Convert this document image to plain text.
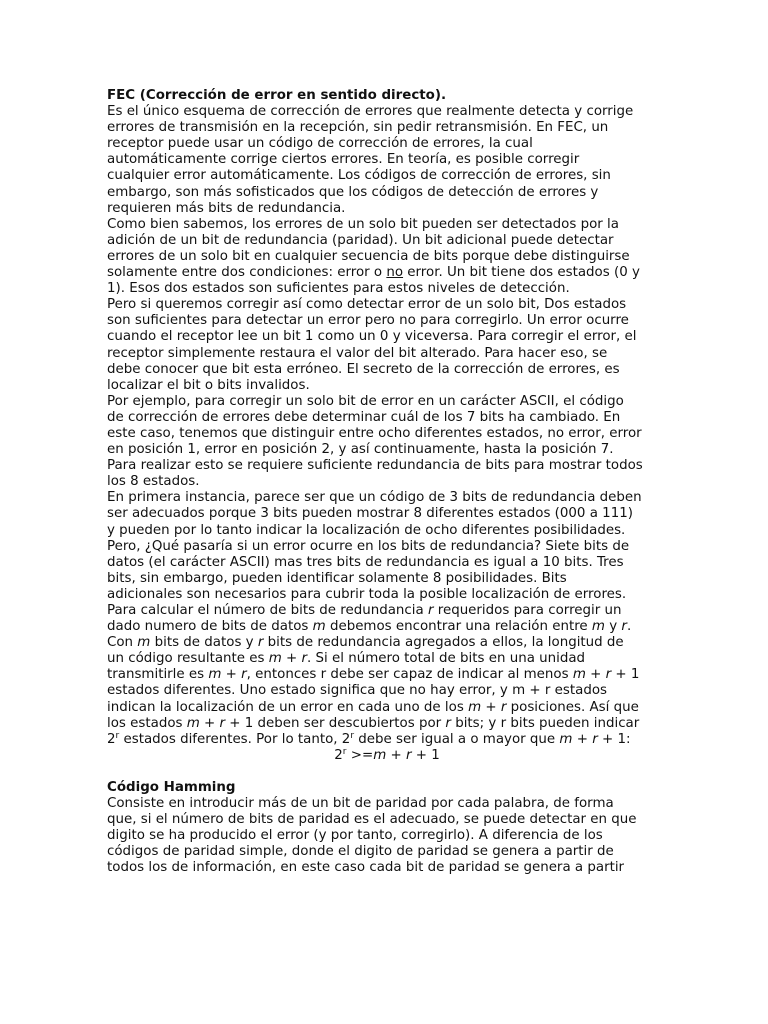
FEC (Corrección de error en sentido directo).
Es el único esquema de corrección de errores que realmente detecta y corrige
errores de transmisión en la recepción, sin pedir retransmisión. En FEC, un
receptor puede usar un código de corrección de errores, la cual
automáticamente corrige ciertos errores. En teoría, es posible corregir
cualquier error automáticamente. Los códigos de corrección de errores, sin
embargo, son más sofisticados que los códigos de detección de errores y
requieren más bits de redundancia.
Como bien sabemos, los errores de un solo bit pueden ser detectados por la
adición de un bit de redundancia (paridad). Un bit adicional puede detectar
errores de un solo bit en cualquier secuencia de bits porque debe distinguirse
solamente entre dos condiciones: error o no error. Un bit tiene dos estados (0 y
1). Esos dos estados son suficientes para estos niveles de detección.
Pero si queremos corregir así como detectar error de un solo bit, Dos estados
son suficientes para detectar un error pero no para corregirlo. Un error ocurre
cuando el receptor lee un bit 1 como un 0 y viceversa. Para corregir el error, el
receptor simplemente restaura el valor del bit alterado. Para hacer eso, se
debe conocer que bit esta erróneo. El secreto de la corrección de errores, es
localizar el bit o bits invalidos.
Por ejemplo, para corregir un solo bit de error en un carácter ASCII, el código
de corrección de errores debe determinar cuál de los 7 bits ha cambiado. En
este caso, tenemos que distinguir entre ocho diferentes estados, no error, error
en posición 1, error en posición 2, y así continuamente, hasta la posición 7.
Para realizar esto se requiere suficiente redundancia de bits para mostrar todos
los 8 estados.
En primera instancia, parece ser que un código de 3 bits de redundancia deben
ser adecuados porque 3 bits pueden mostrar 8 diferentes estados (000 a 111)
y pueden por lo tanto indicar la localización de ocho diferentes posibilidades.
Pero, ¿Qué pasaría si un error ocurre en los bits de redundancia? Siete bits de
datos (el carácter ASCII) mas tres bits de redundancia es igual a 10 bits. Tres
bits, sin embargo, pueden identificar solamente 8 posibilidades. Bits
adicionales son necesarios para cubrir toda la posible localización de errores.
Para calcular el número de bits de redundancia r requeridos para corregir un
dado numero de bits de datos m debemos encontrar una relación entre m y r.
Con m bits de datos y r bits de redundancia agregados a ellos, la longitud de
un código resultante es m + r. Si el número total de bits en una unidad
transmitirle es m + r, entonces r debe ser capaz de indicar al menos m + r + 1
estados diferentes. Uno estado significa que no hay error, y m + r estados
indican la localización de un error en cada uno de los m + r posiciones. Así que
los estados m + r + 1 deben ser descubiertos por r bits; y r bits pueden indicar
2$^r$ estados diferentes. Por lo tanto, 2$^r$ debe ser igual a o mayor que m + r + 1:
$2^r >=m + r + 1$
Código Hamming
Consiste en introducir más de un bit de paridad por cada palabra, de forma
que, si el número de bits de paridad es el adecuado, se puede detectar en que
digito se ha producido el error (y por tanto, corregirlo). A diferencia de los
códigos de paridad simple, donde el digito de paridad se genera a partir de
todos los de información, en este caso cada bit de paridad se genera a partir
